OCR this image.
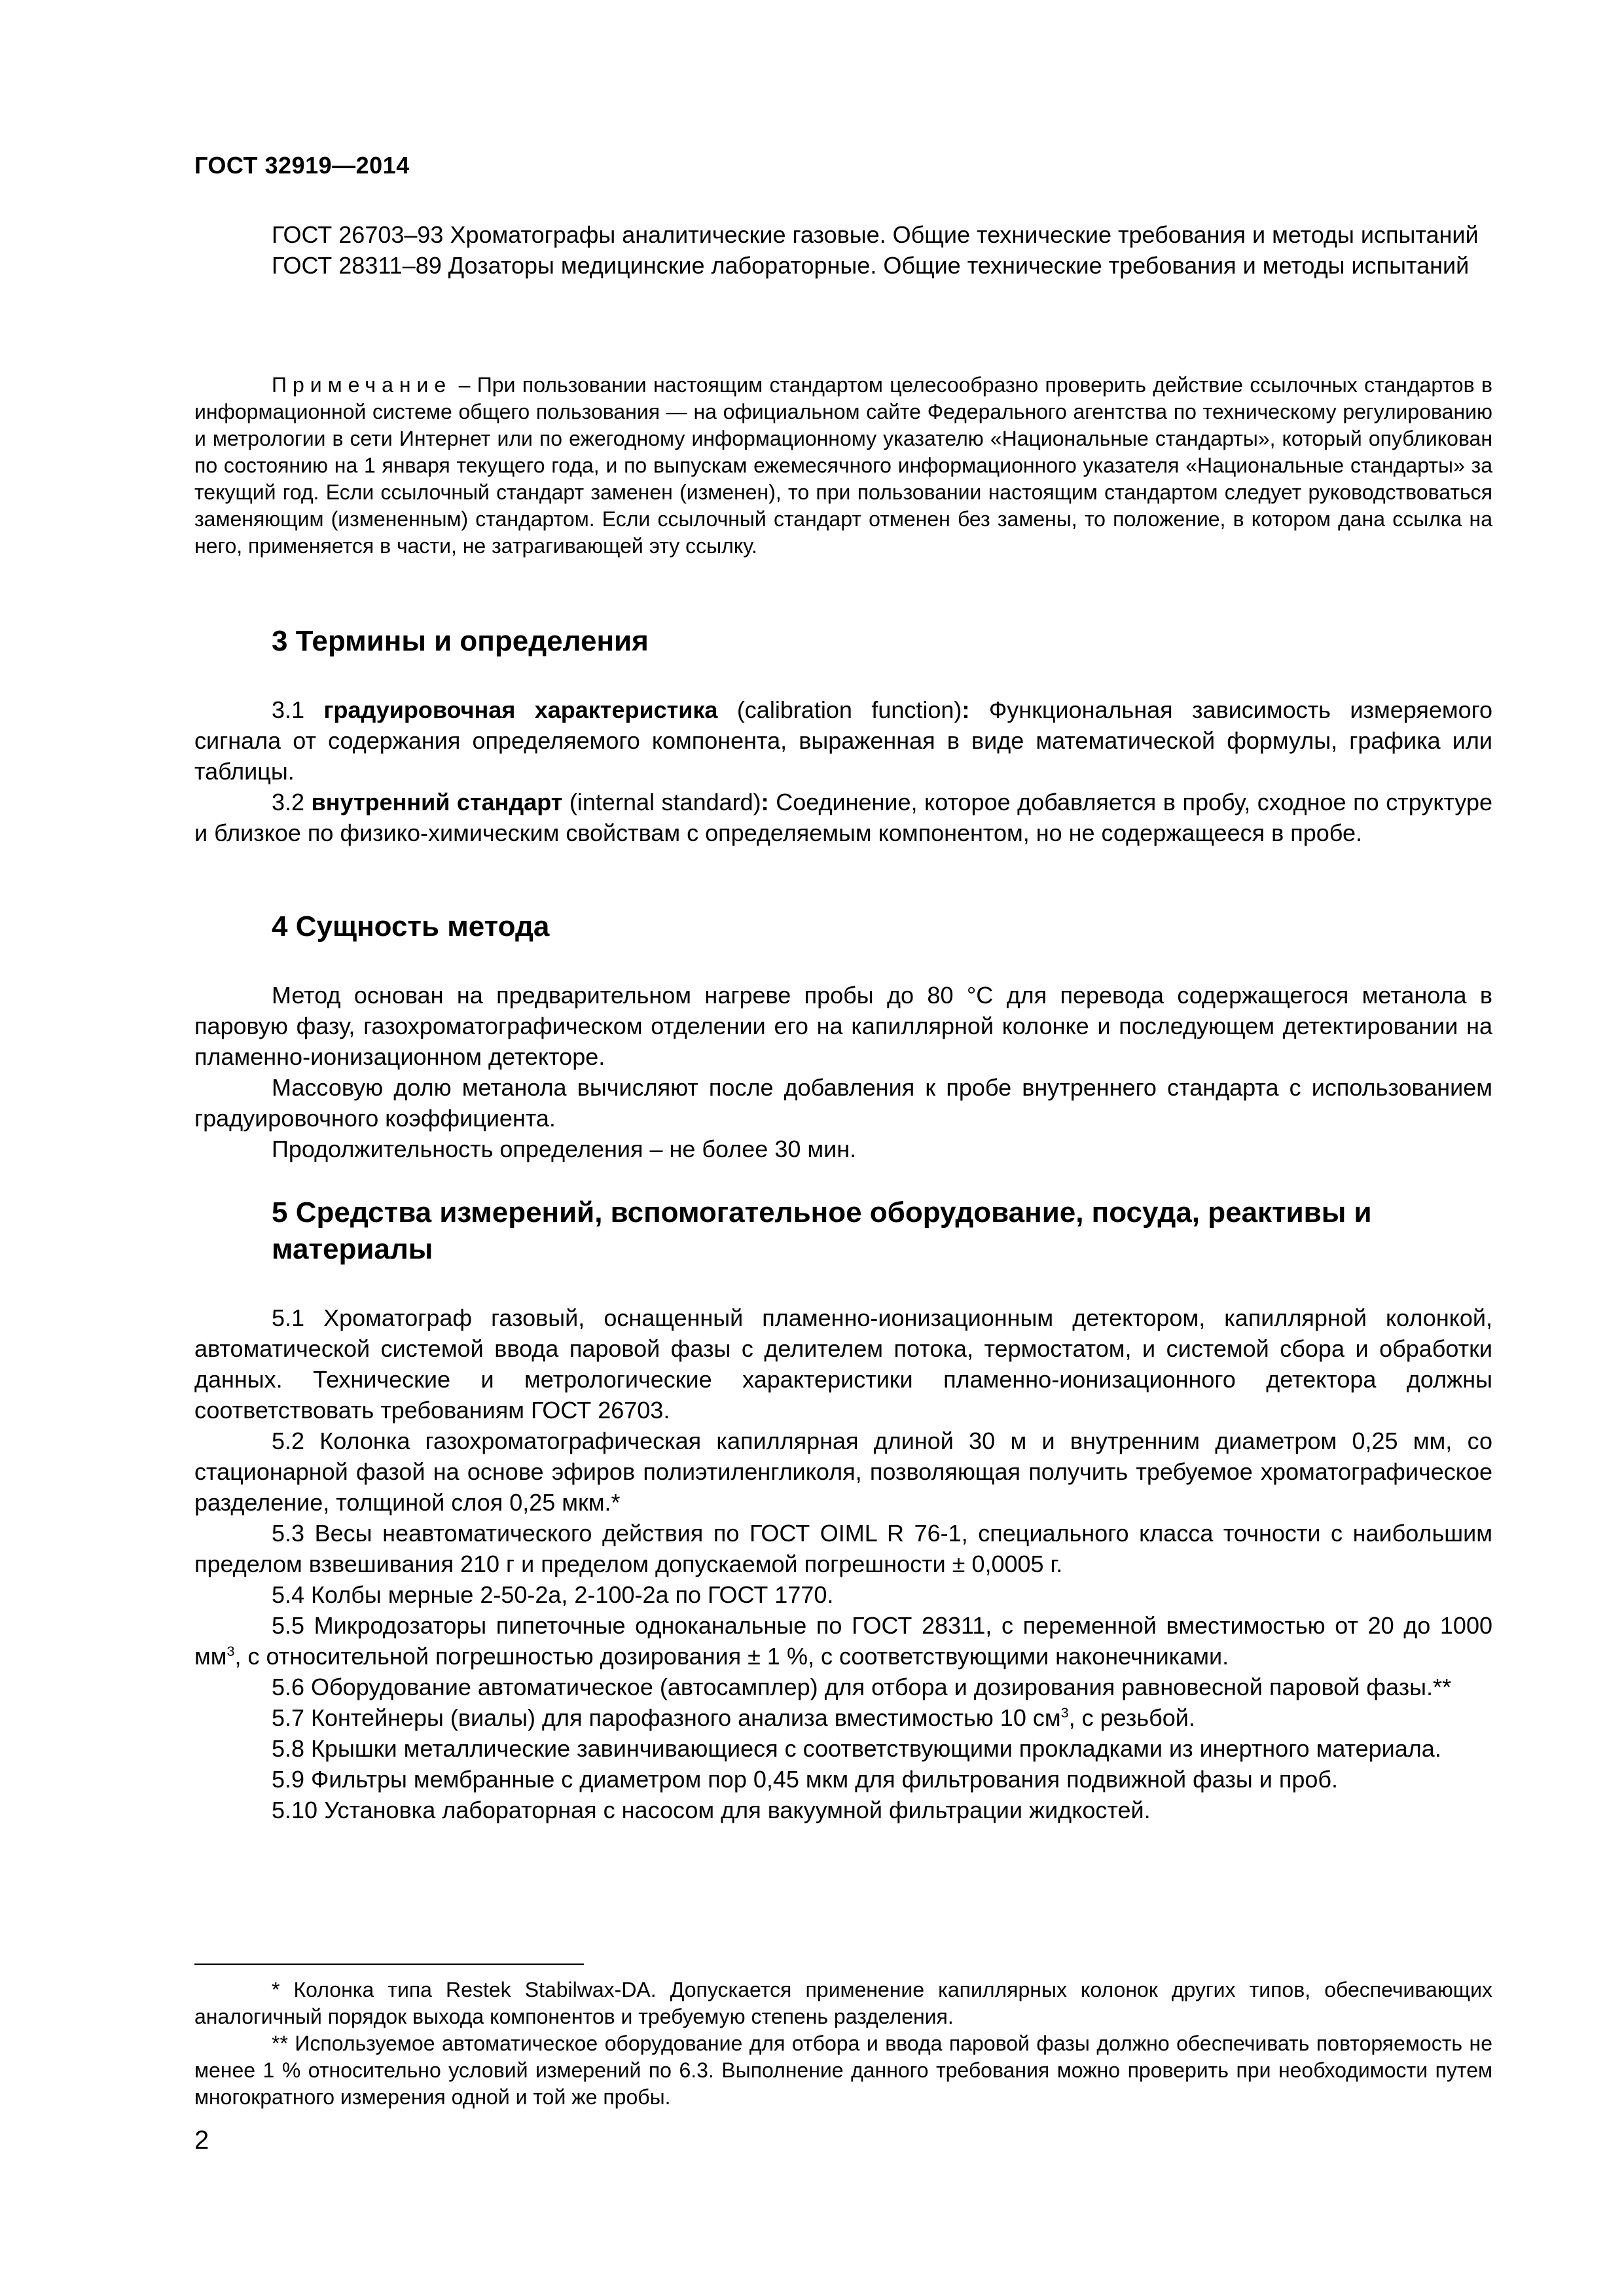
ГОСТ 32919—2014

ГОСТ 26703–93 Хроматографы аналитические газовые. Общие технические требования и методы испытаний

ГОСТ 28311–89 Дозаторы медицинские лабораторные. Общие технические требования и методы испытаний

Примечание – При пользовании настоящим стандартом целесообразно проверить действие ссылочных стандартов в информационной системе общего пользования — на официальном сайте Федерального агентства по техническому регулированию и метрологии в сети Интернет или по ежегодному информационному указателю «Национальные стандарты», который опубликован по состоянию на 1 января текущего года, и по выпускам ежемесячного информационного указателя «Национальные стандарты» за текущий год. Если ссылочный стандарт заменен (изменен), то при пользовании настоящим стандартом следует руководствоваться заменяющим (измененным) стандартом. Если ссылочный стандарт отменен без замены, то положение, в котором дана ссылка на него, применяется в части, не затрагивающей эту ссылку.

3 Термины и определения

3.1 градуировочная характеристика (calibration function): Функциональная зависимость измеряемого сигнала от содержания определяемого компонента, выраженная в виде математической формулы, графика или таблицы.

3.2 внутренний стандарт (internal standard): Соединение, которое добавляется в пробу, сходное по структуре и близкое по физико-химическим свойствам с определяемым компонентом, но не содержащееся в пробе.

4 Сущность метода

Метод основан на предварительном нагреве пробы до 80 °С для перевода содержащегося метанола в паровую фазу, газохроматографическом отделении его на капиллярной колонке и последующем детектировании на пламенно-ионизационном детекторе.

Массовую долю метанола вычисляют после добавления к пробе внутреннего стандарта с использованием градуировочного коэффициента.

Продолжительность определения – не более 30 мин.

5 Средства измерений, вспомогательное оборудование, посуда, реактивы и материалы

5.1 Хроматограф газовый, оснащенный пламенно-ионизационным детектором, капиллярной колонкой, автоматической системой ввода паровой фазы с делителем потока, термостатом, и системой сбора и обработки данных. Технические и метрологические характеристики пламенно-ионизационного детектора должны соответствовать требованиям ГОСТ 26703.

5.2 Колонка газохроматографическая капиллярная длиной 30 м и внутренним диаметром 0,25 мм, со стационарной фазой на основе эфиров полиэтиленгликоля, позволяющая получить требуемое хроматографическое разделение, толщиной слоя 0,25 мкм.*

5.3 Весы неавтоматического действия по ГОСТ OIML R 76-1, специального класса точности с наибольшим пределом взвешивания 210 г и пределом допускаемой погрешности ± 0,0005 г.

5.4 Колбы мерные 2-50-2а, 2-100-2а по ГОСТ 1770.

5.5 Микродозаторы пипеточные одноканальные по ГОСТ 28311, с переменной вместимостью от 20 до 1000 $мм^3$, с относительной погрешностью дозирования ± 1 %, с соответствующими наконечниками.

5.6 Оборудование автоматическое (автосамплер) для отбора и дозирования равновесной паровой фазы.**

5.7 Контейнеры (виалы) для парофазного анализа вместимостью 10 $см^3$, с резьбой.

5.8 Крышки металлические завинчивающиеся с соответствующими прокладками из инертного материала.

5.9 Фильтры мембранные с диаметром пор 0,45 мкм для фильтрования подвижной фазы и проб.

5.10 Установка лабораторная с насосом для вакуумной фильтрации жидкостей.

* Колонка типа Restek Stabilwax-DA. Допускается применение капиллярных колонок других типов, обеспечивающих аналогичный порядок выхода компонентов и требуемую степень разделения.

** Используемое автоматическое оборудование для отбора и ввода паровой фазы должно обеспечивать повторяемость не менее 1 % относительно условий измерений по 6.3. Выполнение данного требования можно проверить при необходимости путем многократного измерения одной и той же пробы.

2
